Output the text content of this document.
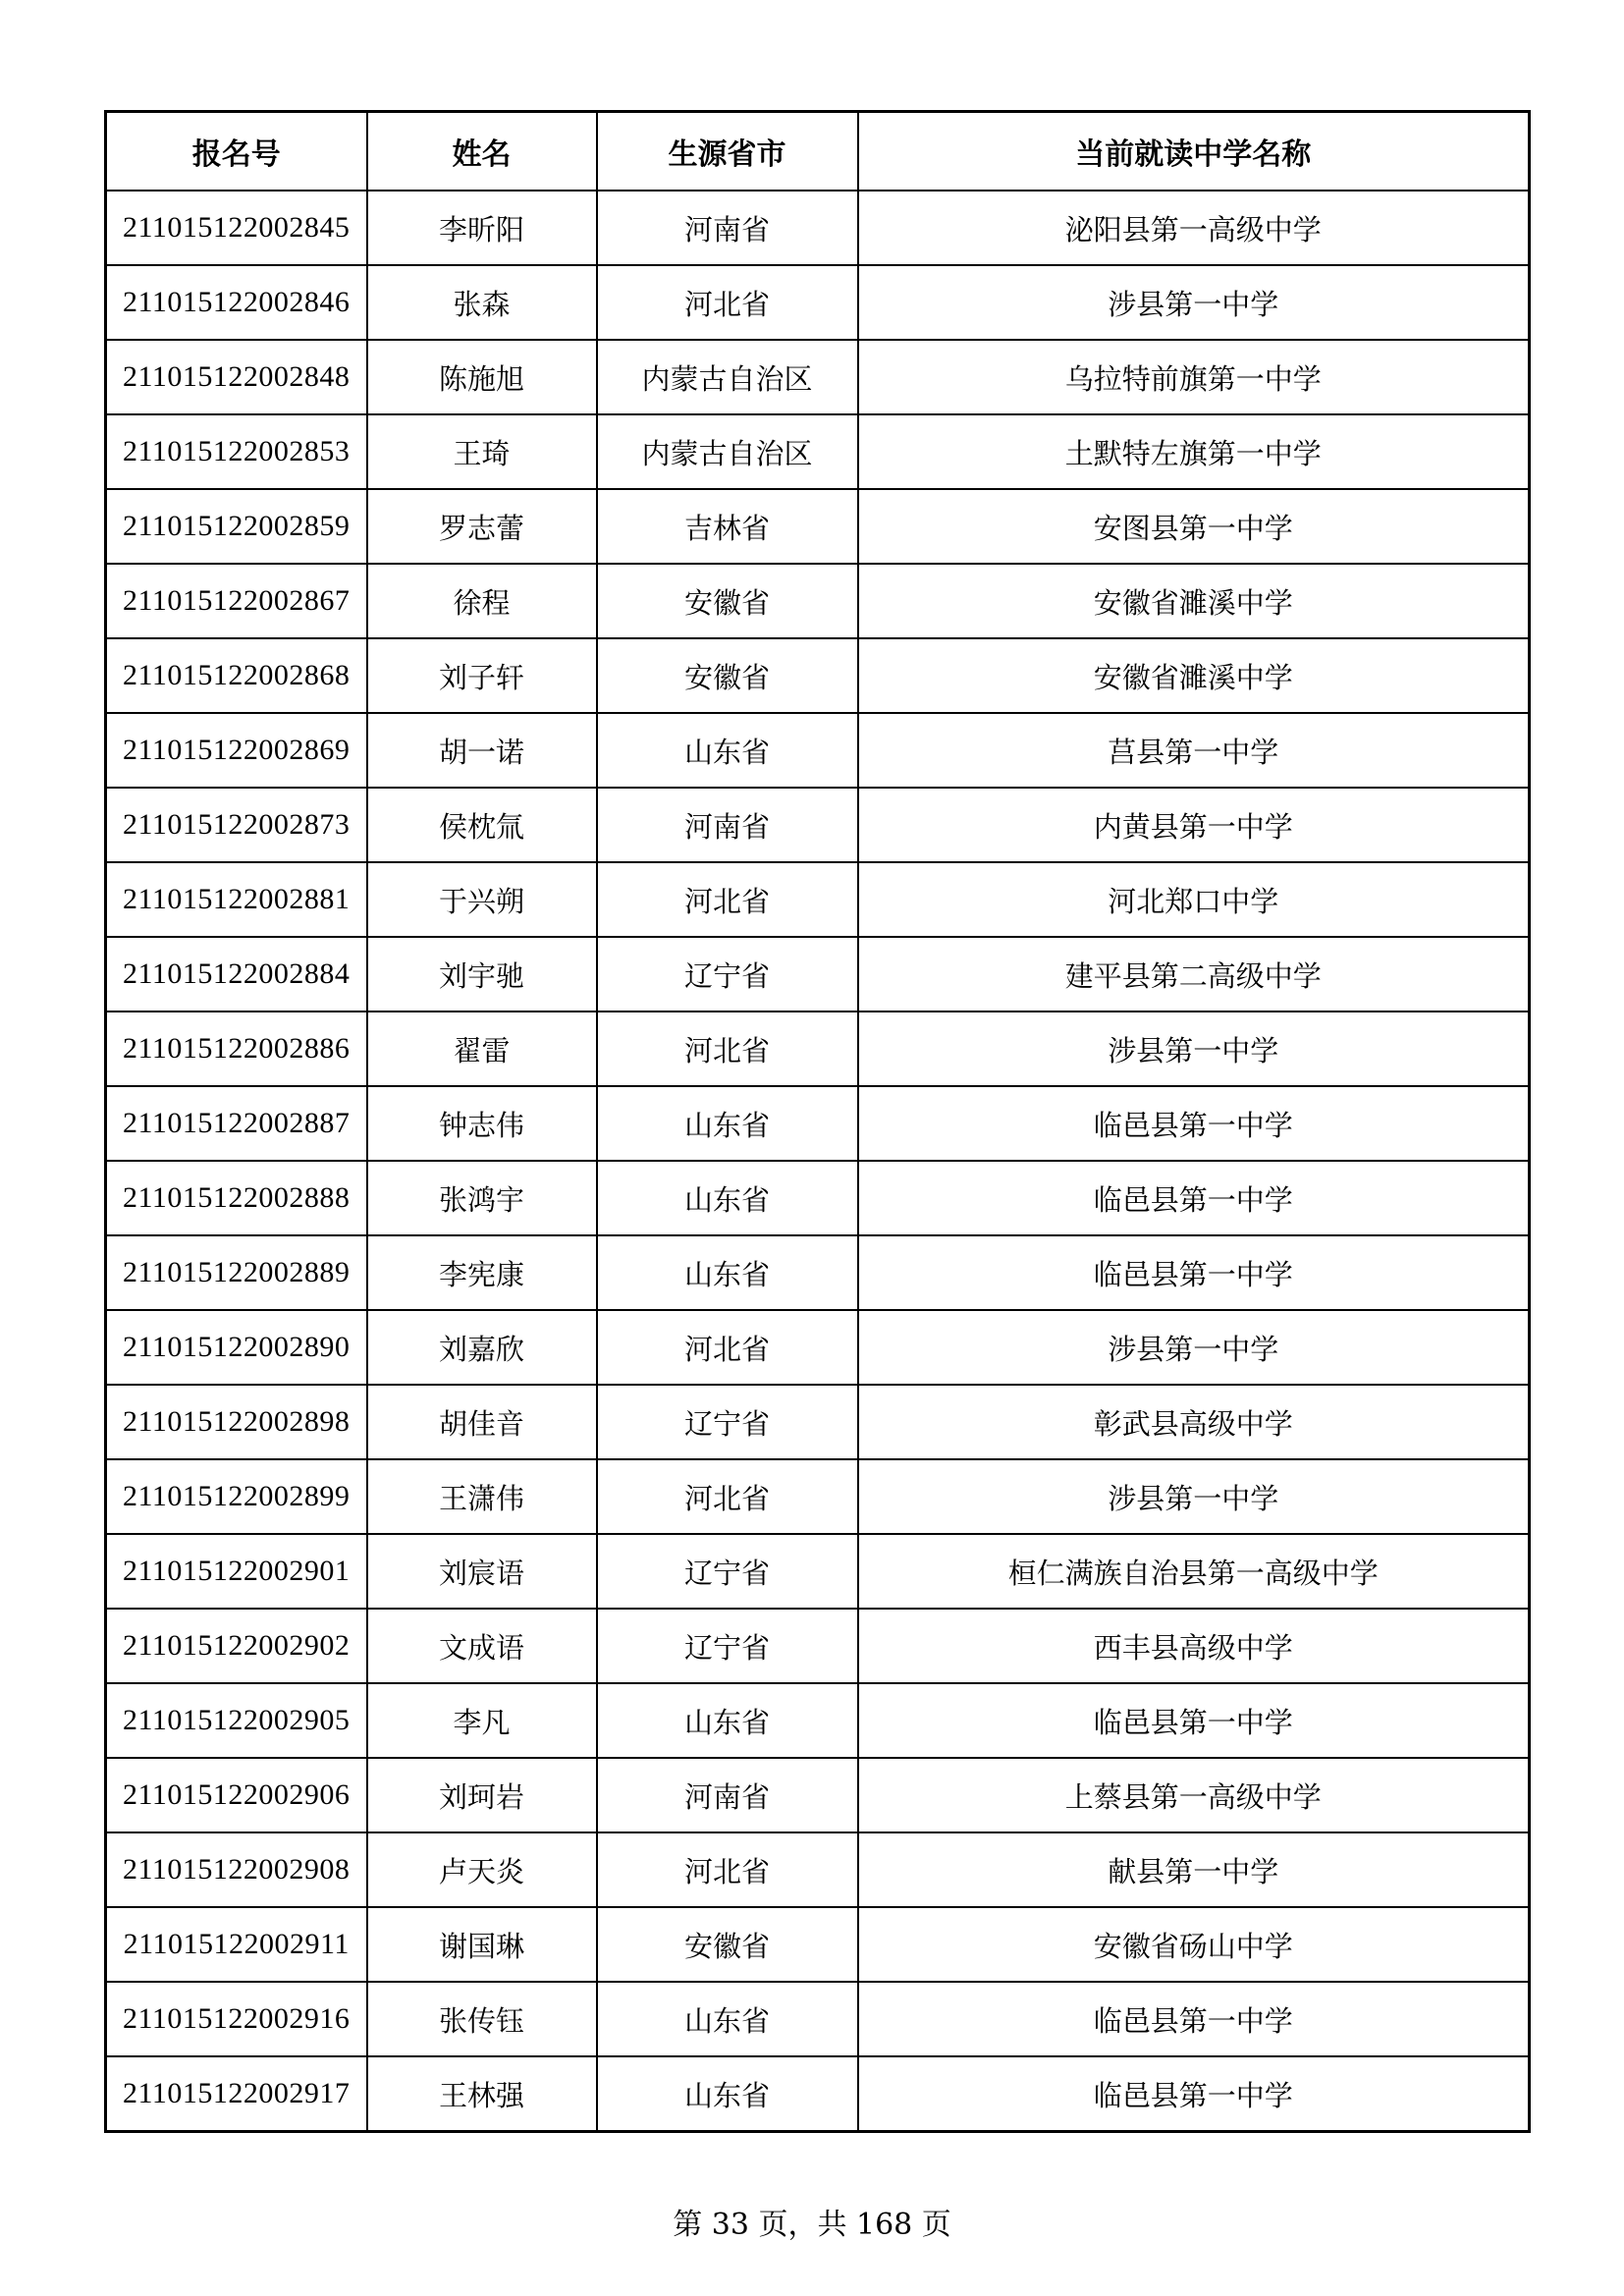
报名号	姓名	生源省市	当前就读中学名称
211015122002845	李昕阳	河南省	泌阳县第一高级中学
211015122002846	张森	河北省	涉县第一中学
211015122002848	陈施旭	内蒙古自治区	乌拉特前旗第一中学
211015122002853	王琦	内蒙古自治区	土默特左旗第一中学
211015122002859	罗志蕾	吉林省	安图县第一中学
211015122002867	徐程	安徽省	安徽省濉溪中学
211015122002868	刘子轩	安徽省	安徽省濉溪中学
211015122002869	胡一诺	山东省	莒县第一中学
211015122002873	侯枕氚	河南省	内黄县第一中学
211015122002881	于兴朔	河北省	河北郑口中学
211015122002884	刘宇驰	辽宁省	建平县第二高级中学
211015122002886	翟雷	河北省	涉县第一中学
211015122002887	钟志伟	山东省	临邑县第一中学
211015122002888	张鸿宇	山东省	临邑县第一中学
211015122002889	李宪康	山东省	临邑县第一中学
211015122002890	刘嘉欣	河北省	涉县第一中学
211015122002898	胡佳音	辽宁省	彰武县高级中学
211015122002899	王潇伟	河北省	涉县第一中学
211015122002901	刘宸语	辽宁省	桓仁满族自治县第一高级中学
211015122002902	文成语	辽宁省	西丰县高级中学
211015122002905	李凡	山东省	临邑县第一中学
211015122002906	刘珂岩	河南省	上蔡县第一高级中学
211015122002908	卢天炎	河北省	献县第一中学
211015122002911	谢国琳	安徽省	安徽省砀山中学
211015122002916	张传钰	山东省	临邑县第一中学
211015122002917	王林强	山东省	临邑县第一中学
第 33 页，共 168 页
